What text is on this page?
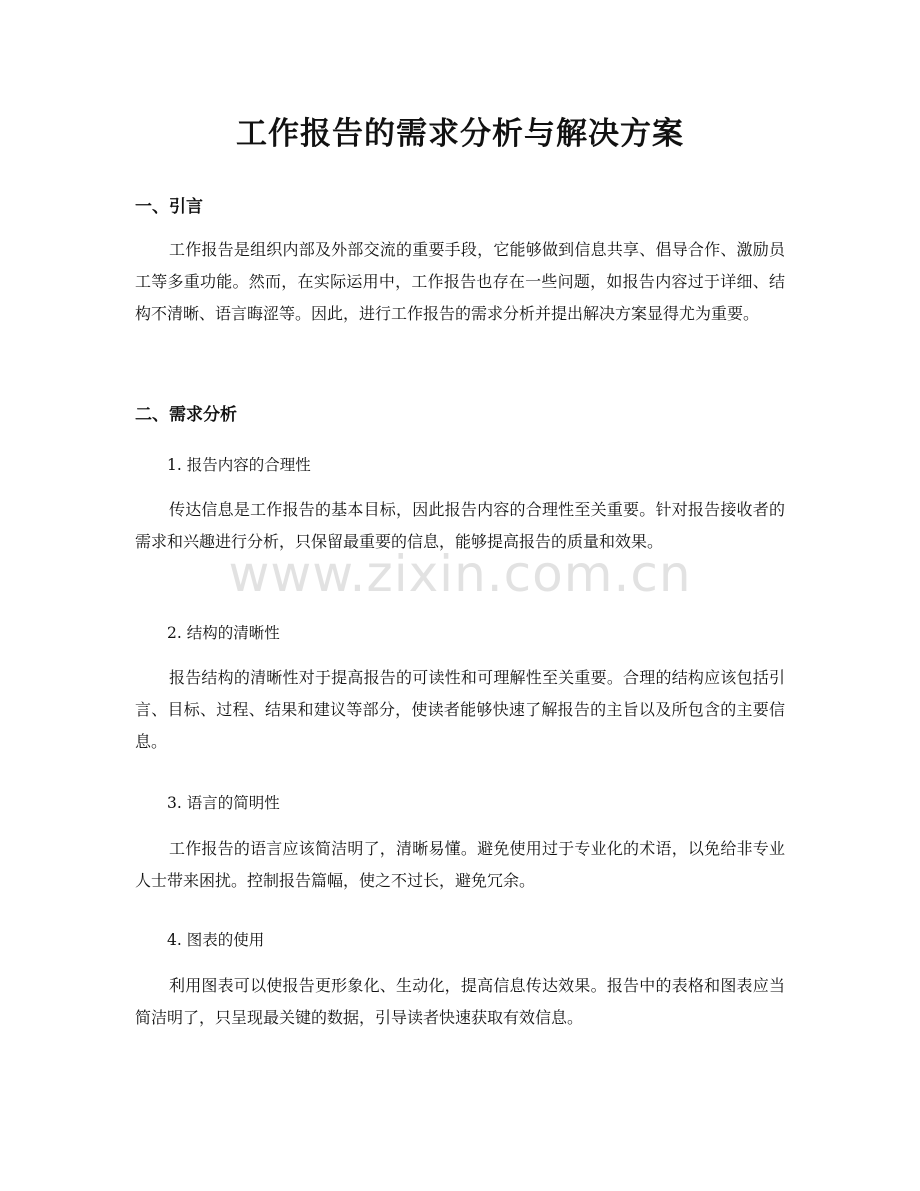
工作报告的需求分析与解决方案
一、引言
工作报告是组织内部及外部交流的重要手段，它能够做到信息共享、倡导合作、激励员工等多重功能。然而，在实际运用中，工作报告也存在一些问题，如报告内容过于详细、结构不清晰、语言晦涩等。因此，进行工作报告的需求分析并提出解决方案显得尤为重要。
二、需求分析
1. 报告内容的合理性
传达信息是工作报告的基本目标，因此报告内容的合理性至关重要。针对报告接收者的需求和兴趣进行分析，只保留最重要的信息，能够提高报告的质量和效果。
2. 结构的清晰性
报告结构的清晰性对于提高报告的可读性和可理解性至关重要。合理的结构应该包括引言、目标、过程、结果和建议等部分，使读者能够快速了解报告的主旨以及所包含的主要信息。
3. 语言的简明性
工作报告的语言应该简洁明了，清晰易懂。避免使用过于专业化的术语，以免给非专业人士带来困扰。控制报告篇幅，使之不过长，避免冗余。
4. 图表的使用
利用图表可以使报告更形象化、生动化，提高信息传达效果。报告中的表格和图表应当简洁明了，只呈现最关键的数据，引导读者快速获取有效信息。
www.zixin.com.cn
